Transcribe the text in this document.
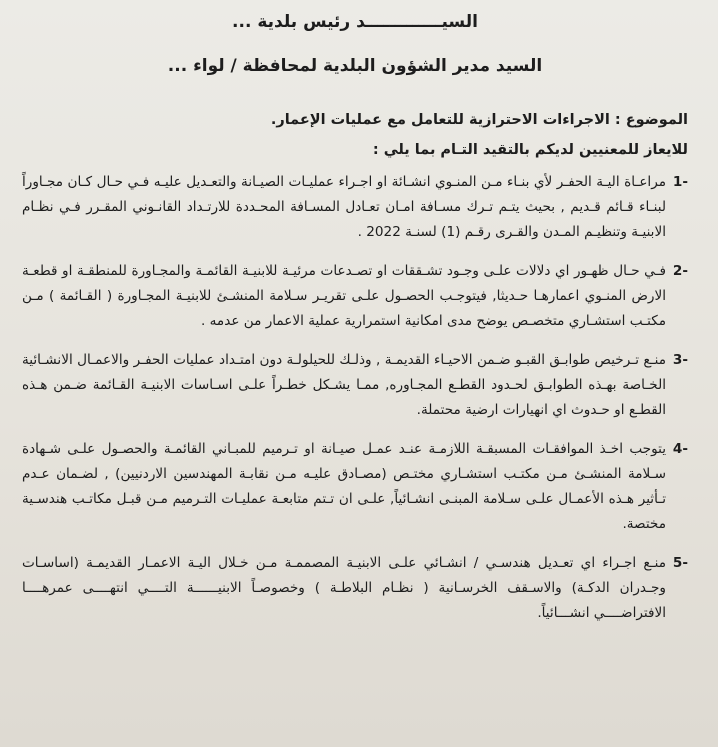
السيـــــــــــــد رئيس بلدية ...
السيد مدير الشؤون البلدية لمحافظة / لواء ...
الموضوع : الاجراءات الاحترازية للتعامل مع عمليات الإعمار.
للايعاز للمعنيين لديكم بالتقيد التـام بما يلي :
-1
مراعـاة اليـة الحفـر لأي بنـاء مـن المنـوي انشـائة او اجـراء عمليـات الصيـانة والتعـديل عليـه فـي حـال كـان مجـاوراً لبنـاء قـائم قـديم , بحيث يتـم تـرك مسـافة امـان تعـادل المسـافة المحـددة للارتـداد القانـوني المقـرر فـي نظـام الابنيـة وتنظيـم المـدن والقـرى رقـم (1) لسنـة 2022 .
-2
فـي حـال ظهـور اي دلالات علـى وجـود تشـققات او تصـدعات مرئيـة للابنيـة القائمـة والمجـاورة للمنطقـة او قطعـة الارض المنـوي اعمارهـا حـديثا, فيتوجـب الحصـول علـى تقريـر سـلامة المنشـئ للابنيـة المجـاورة ( القـائمة ) مـن مكتـب استشـاري متخصـص يوضح مدى امكانية استمرارية عملية الاعمار من عدمه .
-3
منـع تـرخيص طوابـق القبـو ضـمن الاحيـاء القديمـة , وذلـك للحيلولـة دون امتـداد عمليات الحفـر والاعمـال الانشـائية الخـاصة بهـذه الطوابـق لحـدود القطـع المجـاوره, ممـا يشـكل خطـراً علـى اسـاسات الابنيـة القـائمة ضـمن هـذه القطـع او حـدوث اي انهيارات ارضية محتملة.
-4
يتوجب اخـذ الموافقـات المسبقـة اللازمـة عنـد عمـل صيـانة او تـرميم للمبـاني القائمـة والحصـول علـى شـهادة سـلامة المنشـئ مـن مكتـب استشـاري مختـص (مصـادق عليـه مـن نقابـة المهندسين الاردنيين) , لضـمان عـدم تـأثير هـذه الأعمـال علـى سـلامة المبنـى انشـائياً, علـى ان تـتم متابعـة عمليـات التـرميم مـن قبـل مكاتـب هندسـية مختصة.
-5
منـع اجـراء اي تعـديل هندسـي / انشـائي علـى الابنيـة المصممـة مـن خـلال اليـة الاعمـار القديمـة (اساسـات وجـدران الدكـة) والاسـقف الخرسـانية ( نظـام البلاطـة ) وخصوصـاً الابنيــــــة التــــي انتهــــى عمرهــــا الافتراضــــي انشـــائياً.
